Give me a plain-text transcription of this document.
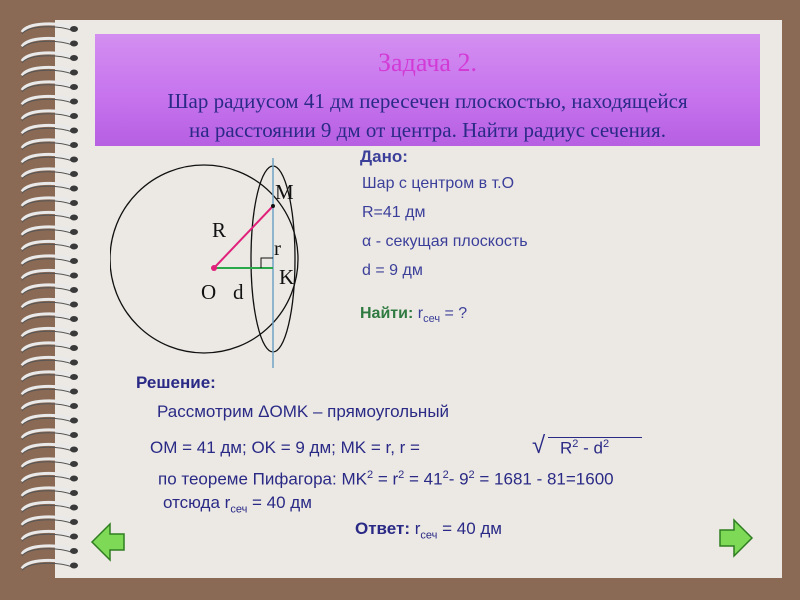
Задача 2.
Шар радиусом 41 дм пересечен плоскостью, находящейся
на расстоянии 9 дм от центра. Найти радиус сечения.
M
R
r
K
O d
Дано:
Шар с центром в т.O
R=41 дм
α - секущая плоскость
d = 9 дм
Найти: $r_{сеч}$ = ?
Решение:
Рассмотрим ΔOMK – прямоугольный
OM = 41 дм; OK = 9 дм; MK = r, r =	√ $R^2 - d^2$
по теореме Пифагора: $MK^2 = r^2 = 41^2-$ $9^2 = 1681 - 81=1600$
отсюда $r_{сеч} = 40$ дм
Ответ: $r_{сеч} = 40$ дм
